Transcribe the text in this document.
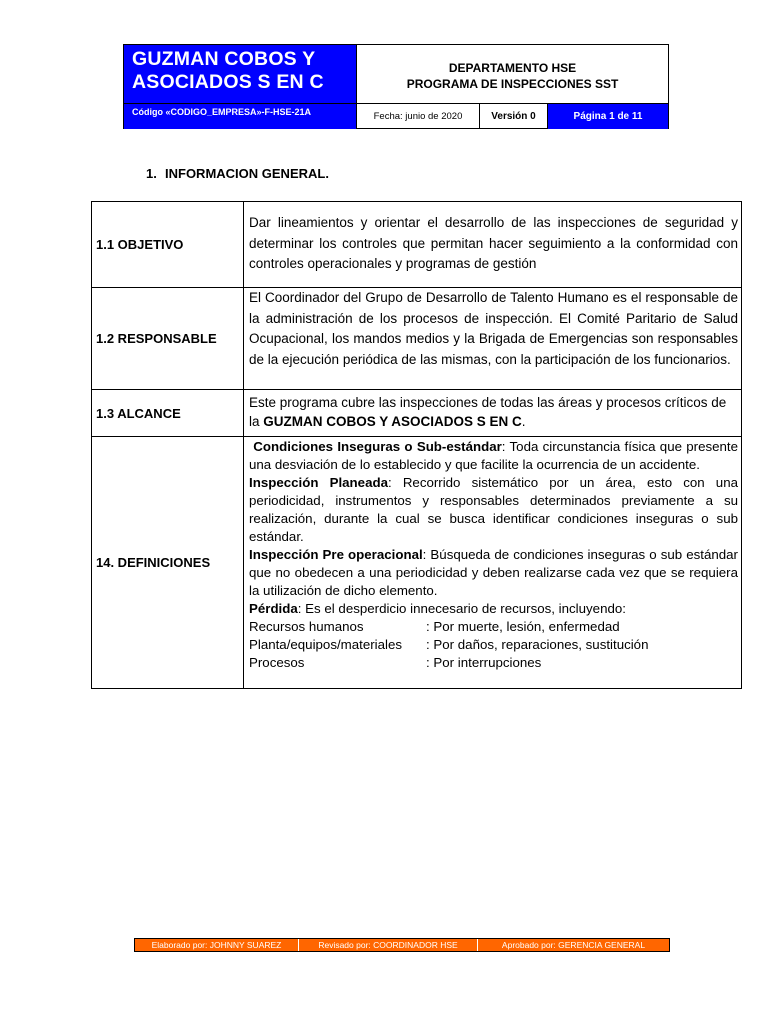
GUZMAN COBOS Y
ASOCIADOS S EN C
Código «CODIGO_EMPRESA»-F-HSE-21A
DEPARTAMENTO HSE
PROGRAMA DE INSPECCIONES SST
Fecha: junio de 2020	Versión 0	Página 1 de 11
1. INFORMACION GENERAL.
1.1 OBJETIVO
Dar lineamientos y orientar el desarrollo de las inspecciones de seguridad y determinar los controles que permitan hacer seguimiento a la conformidad con controles operacionales y programas de gestión
1.2 RESPONSABLE
El Coordinador del Grupo de Desarrollo de Talento Humano es el responsable de la administración de los procesos de inspección. El Comité Paritario de Salud Ocupacional, los mandos medios y la Brigada de Emergencias son responsables de la ejecución periódica de las mismas, con la participación de los funcionarios.
1.3 ALCANCE
Este programa cubre las inspecciones de todas las áreas y procesos críticos de la GUZMAN COBOS Y ASOCIADOS S EN C.
14. DEFINICIONES

Condiciones Inseguras o Sub-estándar: Toda circunstancia física que presente una desviación de lo establecido y que facilite la ocurrencia de un accidente.

Inspección Planeada: Recorrido sistemático por un área, esto con una periodicidad, instrumentos y responsables determinados previamente a su realización, durante la cual se busca identificar condiciones inseguras o sub estándar.

Inspección Pre operacional: Búsqueda de condiciones inseguras o sub estándar que no obedecen a una periodicidad y deben realizarse cada vez que se requiera la utilización de dicho elemento.

Pérdida: Es el desperdicio innecesario de recursos, incluyendo:

Recursos humanos	: Por muerte, lesión, enfermedad
Planta/equipos/materiales	: Por daños, reparaciones, sustitución
Procesos	: Por interrupciones
Elaborado por: JOHNNY SUAREZ	Revisado por: COORDINADOR HSE	Aprobado por: GERENCIA GENERAL
